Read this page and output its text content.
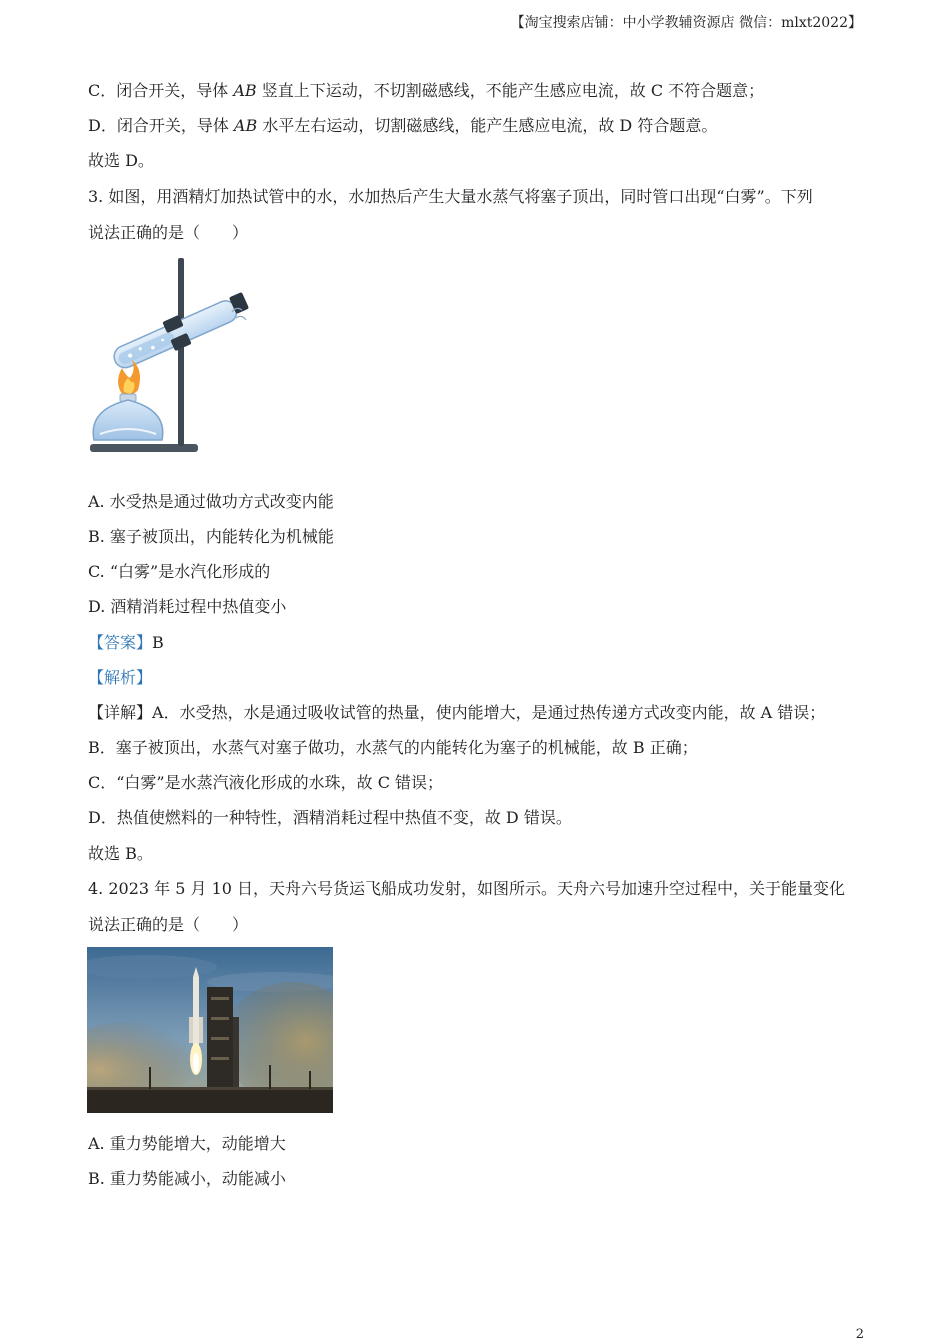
【淘宝搜索店铺：中小学教辅资源店 微信：mlxt2022】
C．闭合开关，导体 AB 竖直上下运动，不切割磁感线，不能产生感应电流，故 C 不符合题意；
D．闭合开关，导体 AB 水平左右运动，切割磁感线，能产生感应电流，故 D 符合题意。
故选 D。
3. 如图，用酒精灯加热试管中的水，水加热后产生大量水蒸气将塞子顶出，同时管口出现“白雾”。下列
说法正确的是（　　）
A. 水受热是通过做功方式改变内能
B. 塞子被顶出，内能转化为机械能
C. “白雾”是水汽化形成的
D. 酒精消耗过程中热值变小
【答案】B
【解析】
【详解】A．水受热，水是通过吸收试管的热量，使内能增大，是通过热传递方式改变内能，故 A 错误；
B．塞子被顶出，水蒸气对塞子做功，水蒸气的内能转化为塞子的机械能，故 B 正确；
C．“白雾”是水蒸汽液化形成的水珠，故 C 错误；
D．热值使燃料的一种特性，酒精消耗过程中热值不变，故 D 错误。
故选 B。
4. 2023 年 5 月 10 日，天舟六号货运飞船成功发射，如图所示。天舟六号加速升空过程中，关于能量变化
说法正确的是（　　）
A. 重力势能增大，动能增大
B. 重力势能减小，动能减小
2
